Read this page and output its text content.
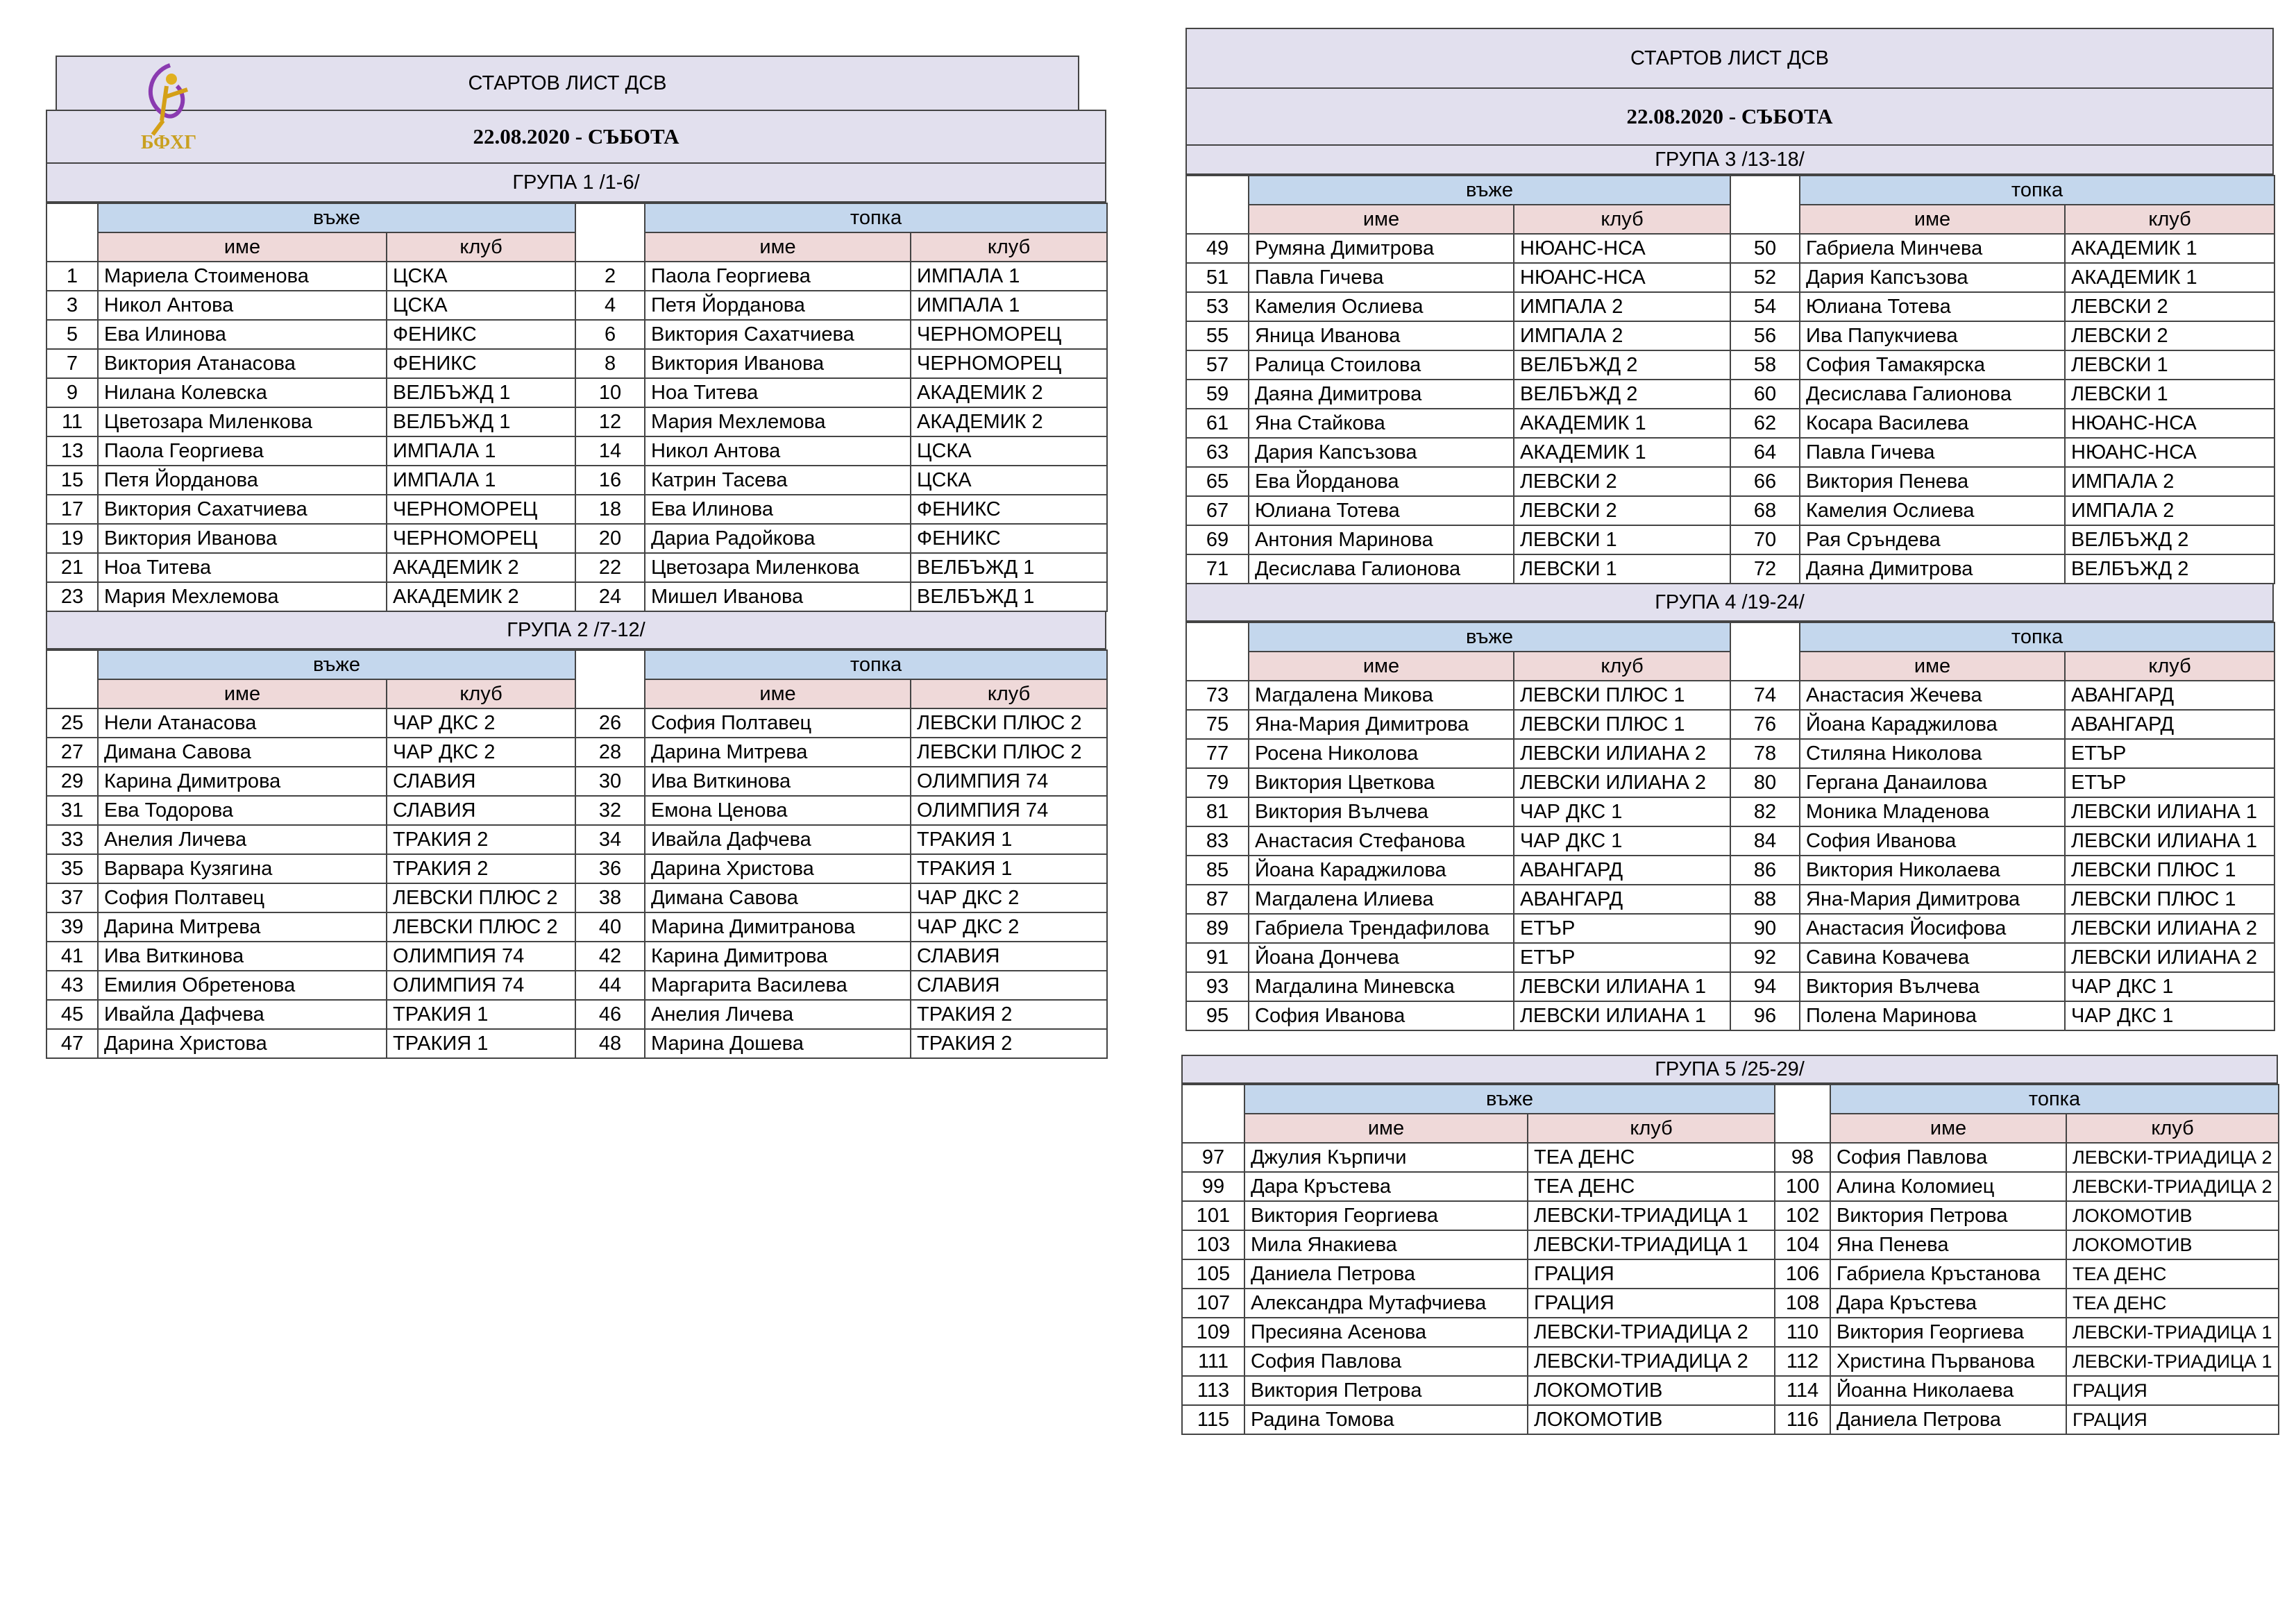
СТАРТОВ ЛИСТ ДСВ
22.08.2020 - СЪБОТА
ГРУПА 1 /1-6/
	въже			топка	
	име	клуб		име	клуб
1	Мариела Стоименова	ЦСКА	2	Паола Георгиева	ИМПАЛА 1
3	Никол Антова	ЦСКА	4	Петя Йорданова	ИМПАЛА 1
5	Ева Илинова	ФЕНИКС	6	Виктория Сахатчиева	ЧЕРНОМОРЕЦ
7	Виктория Атанасова	ФЕНИКС	8	Виктория Иванова	ЧЕРНОМОРЕЦ
9	Нилана Колевска	ВЕЛБЪЖД 1	10	Ноа Титева	АКАДЕМИК 2
11	Цветозара Миленкова	ВЕЛБЪЖД 1	12	Мария Мехлемова	АКАДЕМИК 2
13	Паола Георгиева	ИМПАЛА 1	14	Никол Антова	ЦСКА
15	Петя Йорданова	ИМПАЛА 1	16	Катрин Тасева	ЦСКА
17	Виктория Сахатчиева	ЧЕРНОМОРЕЦ	18	Ева Илинова	ФЕНИКС
19	Виктория Иванова	ЧЕРНОМОРЕЦ	20	Дариа Радойкова	ФЕНИКС
21	Ноа Титева	АКАДЕМИК 2	22	Цветозара Миленкова	ВЕЛБЪЖД 1
23	Мария Мехлемова	АКАДЕМИК 2	24	Мишел Иванова	ВЕЛБЪЖД 1
ГРУПА 2 /7-12/
	въже			топка	
	име	клуб		име	клуб
25	Нели Атанасова	ЧАР ДКС 2	26	София Полтавец	ЛЕВСКИ ПЛЮС 2
27	Димана Савова	ЧАР ДКС 2	28	Дарина Митрева	ЛЕВСКИ ПЛЮС 2
29	Карина Димитрова	СЛАВИЯ	30	Ива Виткинова	ОЛИМПИЯ 74
31	Ева Тодорова	СЛАВИЯ	32	Емона Ценова	ОЛИМПИЯ 74
33	Анелия Личева	ТРАКИЯ 2	34	Ивайла Дафчева	ТРАКИЯ 1
35	Варвара Кузягина	ТРАКИЯ 2	36	Дарина Христова	ТРАКИЯ 1
37	София Полтавец	ЛЕВСКИ ПЛЮС 2	38	Димана Савова	ЧАР ДКС 2
39	Дарина Митрева	ЛЕВСКИ ПЛЮС 2	40	Марина Димитранова	ЧАР ДКС 2
41	Ива Виткинова	ОЛИМПИЯ 74	42	Карина Димитрова	СЛАВИЯ
43	Емилия Обретенова	ОЛИМПИЯ 74	44	Маргарита Василева	СЛАВИЯ
45	Ивайла Дафчева	ТРАКИЯ 1	46	Анелия Личева	ТРАКИЯ 2
47	Дарина Христова	ТРАКИЯ 1	48	Марина Дошева	ТРАКИЯ 2
БФХГ
СТАРТОВ ЛИСТ ДСВ
22.08.2020 - СЪБОТА
ГРУПА 3 /13-18/
	въже			топка	
	име	клуб		име	клуб
49	Румяна Димитрова	НЮАНС-НСА	50	Габриела Минчева	АКАДЕМИК 1
51	Павла Гичева	НЮАНС-НСА	52	Дария Капсъзова	АКАДЕМИК 1
53	Камелия Ослиева	ИМПАЛА 2	54	Юлиана Тотева	ЛЕВСКИ 2
55	Яница Иванова	ИМПАЛА 2	56	Ива Папукчиева	ЛЕВСКИ 2
57	Ралица Стоилова	ВЕЛБЪЖД 2	58	София Тамакярска	ЛЕВСКИ 1
59	Даяна Димитрова	ВЕЛБЪЖД 2	60	Десислава Галионова	ЛЕВСКИ 1
61	Яна Стайкова	АКАДЕМИК 1	62	Косара Василева	НЮАНС-НСА
63	Дария Капсъзова	АКАДЕМИК 1	64	Павла Гичева	НЮАНС-НСА
65	Ева Йорданова	ЛЕВСКИ 2	66	Виктория Пенева	ИМПАЛА 2
67	Юлиана Тотева	ЛЕВСКИ 2	68	Камелия Ослиева	ИМПАЛА 2
69	Антония Маринова	ЛЕВСКИ 1	70	Рая Сръндева	ВЕЛБЪЖД 2
71	Десислава Галионова	ЛЕВСКИ 1	72	Даяна Димитрова	ВЕЛБЪЖД 2
ГРУПА 4 /19-24/
	въже			топка	
	име	клуб		име	клуб
73	Магдалена Микова	ЛЕВСКИ ПЛЮС 1	74	Анастасия Жечева	АВАНГАРД
75	Яна-Мария Димитрова	ЛЕВСКИ ПЛЮС 1	76	Йоана Караджилова	АВАНГАРД
77	Росена Николова	ЛЕВСКИ ИЛИАНА 2	78	Стиляна Николова	ЕТЪР
79	Виктория Цветкова	ЛЕВСКИ ИЛИАНА 2	80	Гергана Данаилова	ЕТЪР
81	Виктория Вълчева	ЧАР ДКС 1	82	Моника Младенова	ЛЕВСКИ ИЛИАНА 1
83	Анастасия Стефанова	ЧАР ДКС 1	84	София Иванова	ЛЕВСКИ ИЛИАНА 1
85	Йоана Караджилова	АВАНГАРД	86	Виктория Николаева	ЛЕВСКИ ПЛЮС 1
87	Магдалена Илиева	АВАНГАРД	88	Яна-Мария Димитрова	ЛЕВСКИ ПЛЮС 1
89	Габриела Трендафилова	ЕТЪР	90	Анастасия Йосифова	ЛЕВСКИ ИЛИАНА 2
91	Йоана Дончева	ЕТЪР	92	Савина Ковачева	ЛЕВСКИ ИЛИАНА 2
93	Магдалина Миневска	ЛЕВСКИ ИЛИАНА 1	94	Виктория Вълчева	ЧАР ДКС 1
95	София Иванова	ЛЕВСКИ ИЛИАНА 1	96	Полена Маринова	ЧАР ДКС 1
ГРУПА 5 /25-29/
	въже			топка	
	име	клуб		име	клуб
97	Джулия Кърпичи	ТЕА ДЕНС	98	София Павлова	ЛЕВСКИ-ТРИАДИЦА 2
99	Дара Кръстева	ТЕА ДЕНС	100	Алина Коломиец	ЛЕВСКИ-ТРИАДИЦА 2
101	Виктория Георгиева	ЛЕВСКИ-ТРИАДИЦА 1	102	Виктория Петрова	ЛОКОМОТИВ
103	Мила Янакиева	ЛЕВСКИ-ТРИАДИЦА 1	104	Яна Пенева	ЛОКОМОТИВ
105	Даниела Петрова	ГРАЦИЯ	106	Габриела Кръстанова	ТЕА ДЕНС
107	Александра Мутафчиева	ГРАЦИЯ	108	Дара Кръстева	ТЕА ДЕНС
109	Пресияна Асенова	ЛЕВСКИ-ТРИАДИЦА 2	110	Виктория Георгиева	ЛЕВСКИ-ТРИАДИЦА 1
111	София Павлова	ЛЕВСКИ-ТРИАДИЦА 2	112	Христина Първанова	ЛЕВСКИ-ТРИАДИЦА 1
113	Виктория Петрова	ЛОКОМОТИВ	114	Йоанна Николаева	ГРАЦИЯ
115	Радина Томова	ЛОКОМОТИВ	116	Даниела Петрова	ГРАЦИЯ
